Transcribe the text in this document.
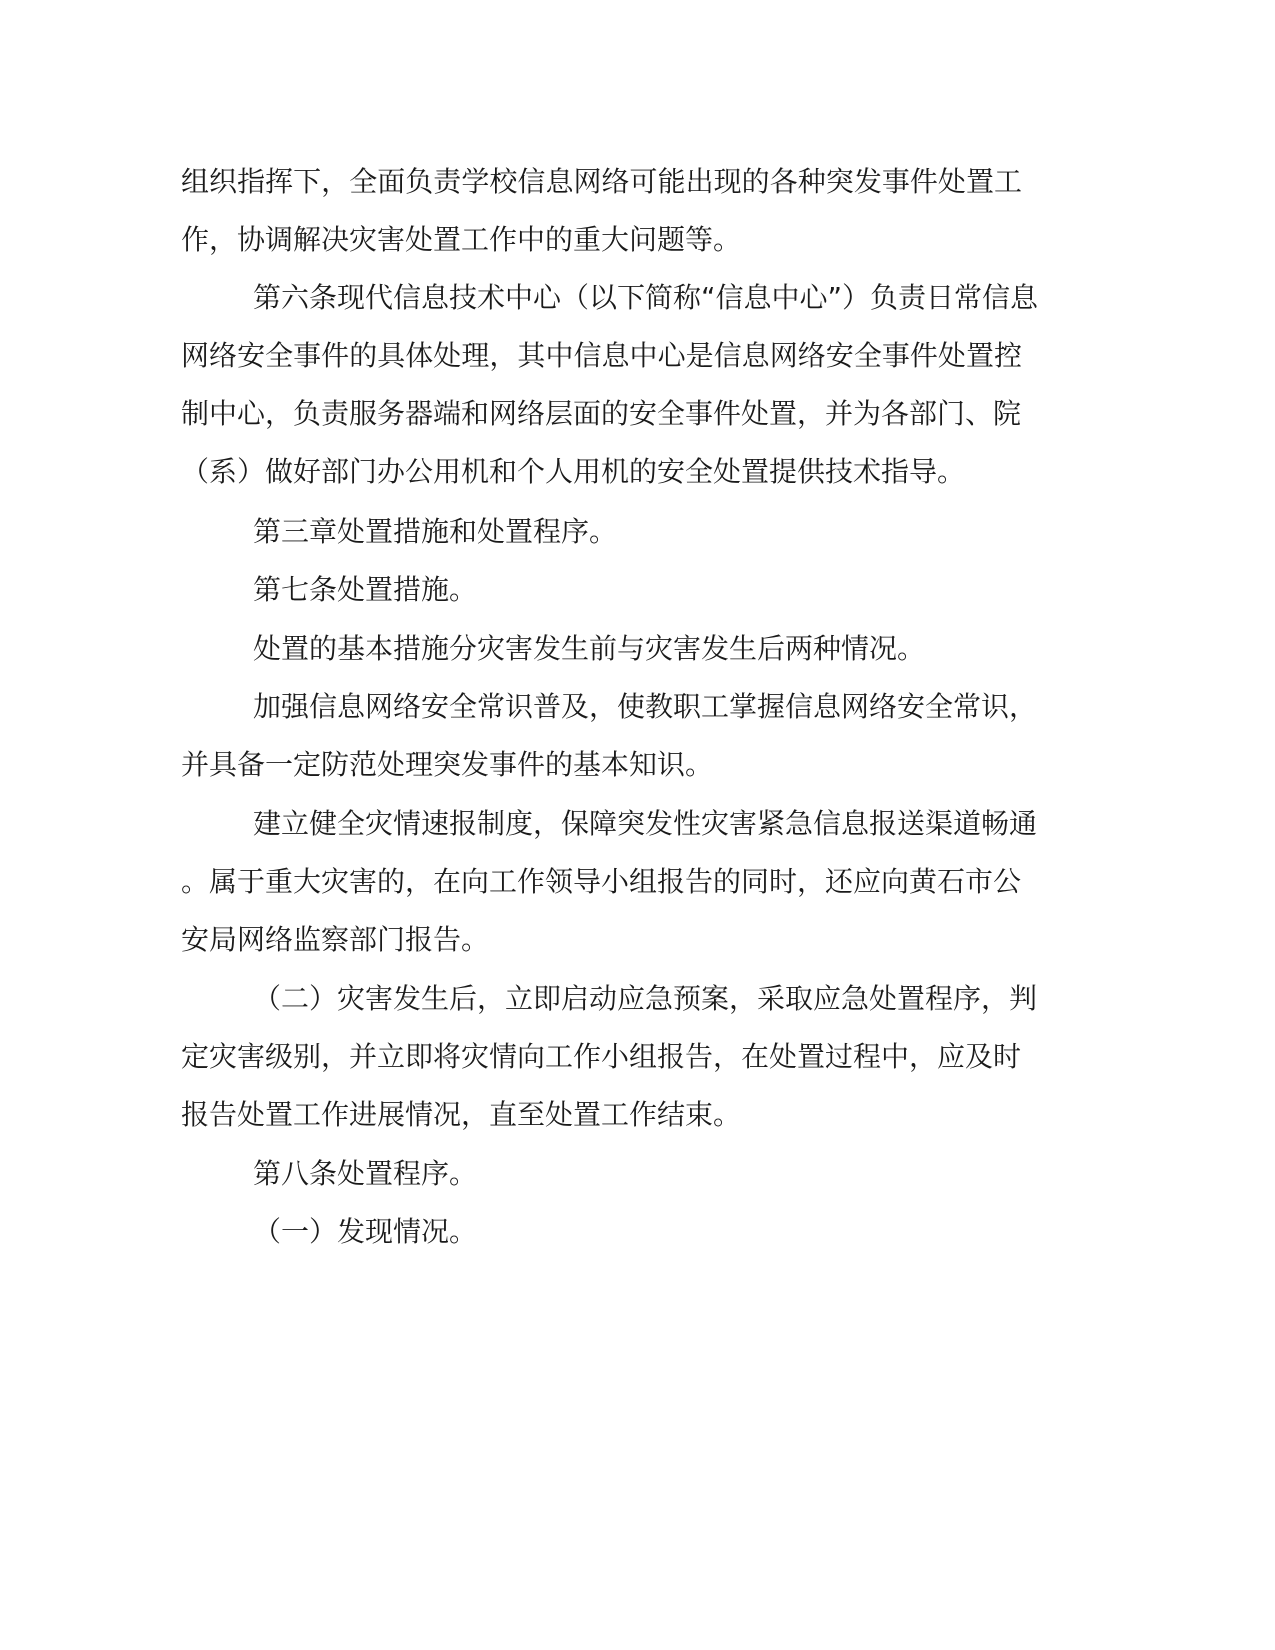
组织指挥下，全面负责学校信息网络可能出现的各种突发事件处置工
作，协调解决灾害处置工作中的重大问题等。
第六条现代信息技术中心（以下简称“信息中心”）负责日常信息
网络安全事件的具体处理，其中信息中心是信息网络安全事件处置控
制中心，负责服务器端和网络层面的安全事件处置，并为各部门、院
（系）做好部门办公用机和个人用机的安全处置提供技术指导。
第三章处置措施和处置程序。
第七条处置措施。
处置的基本措施分灾害发生前与灾害发生后两种情况。
加强信息网络安全常识普及，使教职工掌握信息网络安全常识，
并具备一定防范处理突发事件的基本知识。
建立健全灾情速报制度，保障突发性灾害紧急信息报送渠道畅通
。属于重大灾害的，在向工作领导小组报告的同时，还应向黄石市公
安局网络监察部门报告。
（二）灾害发生后，立即启动应急预案，采取应急处置程序，判
定灾害级别，并立即将灾情向工作小组报告，在处置过程中，应及时
报告处置工作进展情况，直至处置工作结束。
第八条处置程序。
（一）发现情况。
